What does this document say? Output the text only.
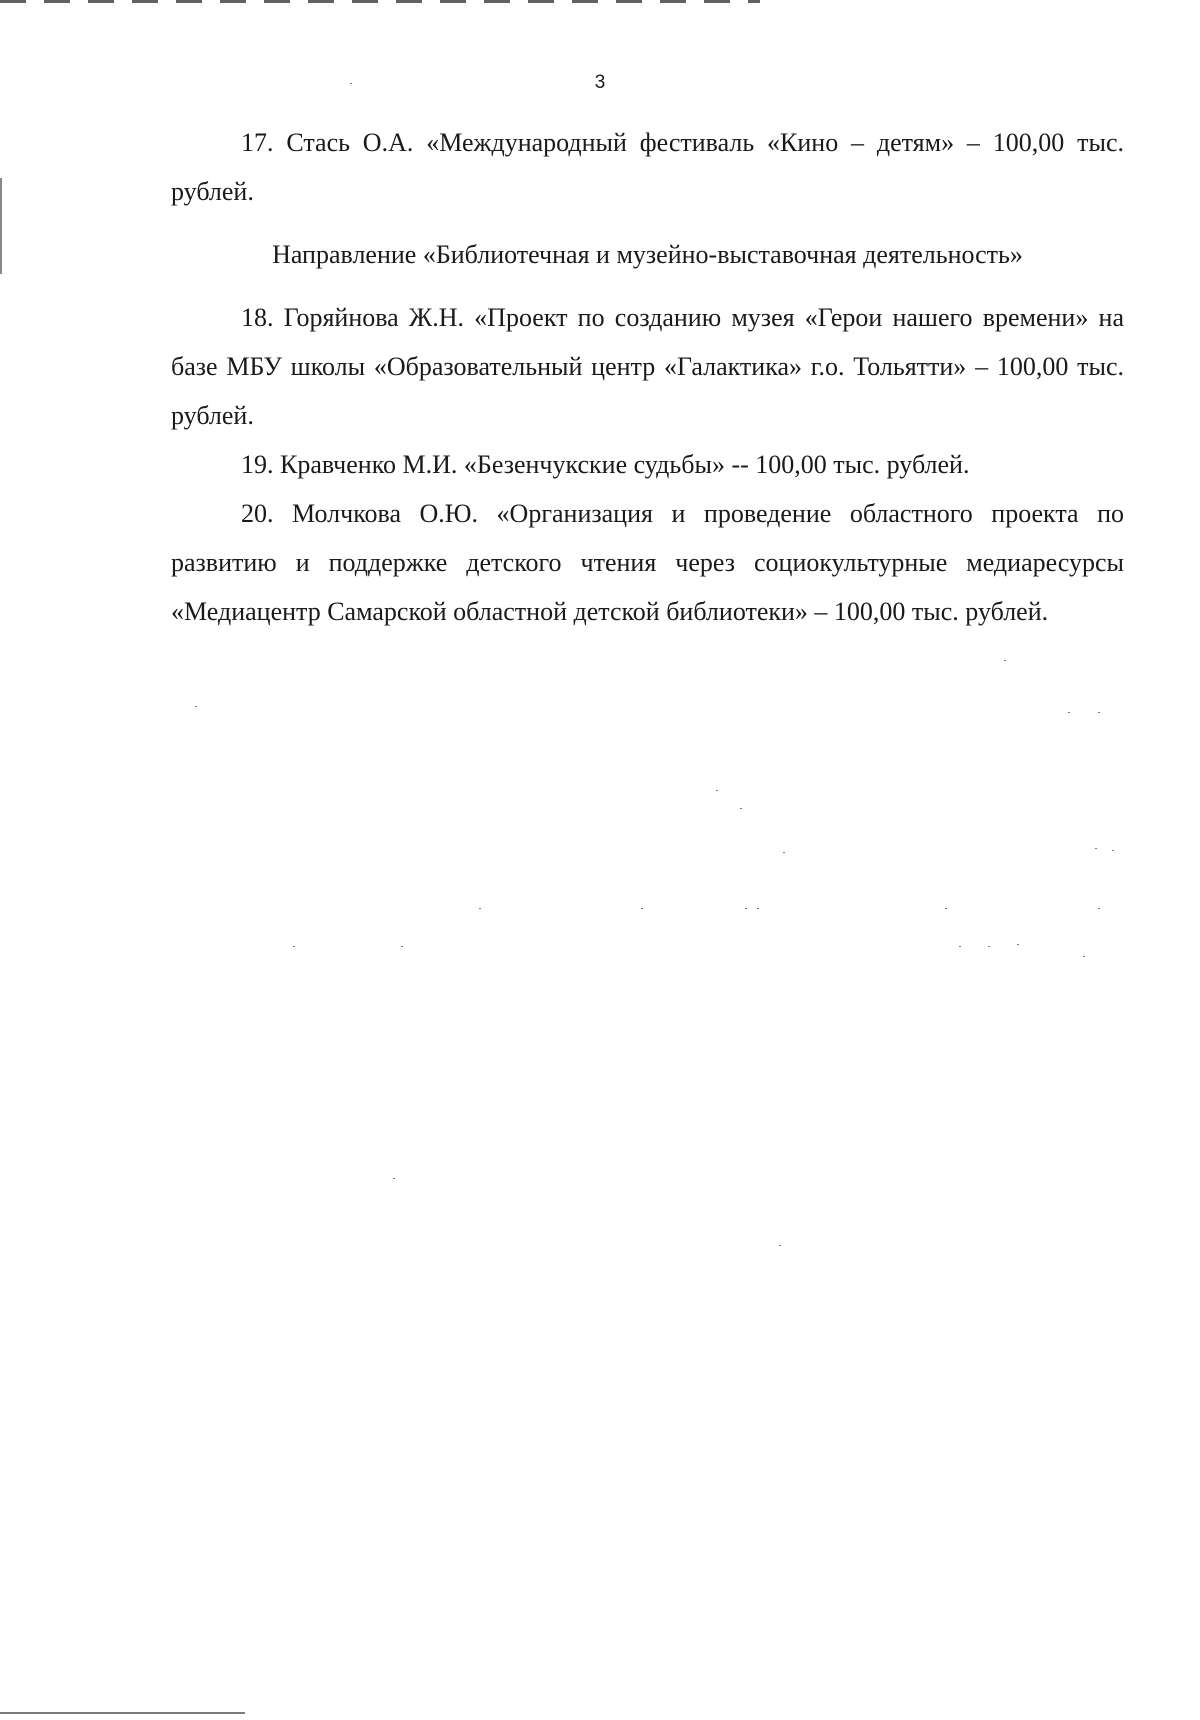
3

17. Стась О.А. «Международный фестиваль «Кино – детям» – 100,00 тыс. рублей.

Направление «Библиотечная и музейно-выставочная деятельность»

18. Горяйнова Ж.Н. «Проект по созданию музея «Герои нашего времени» на базе МБУ школы «Образовательный центр «Галактика» г.о. Тольятти» – 100,00 тыс. рублей.

19. Кравченко М.И. «Безенчукские судьбы» -- 100,00 тыс. рублей.

20. Молчкова О.Ю. «Организация и проведение областного проекта по развитию и поддержке детского чтения через социокультурные медиаресурсы «Медиацентр Самарской областной детской библиотеки» – 100,00 тыс. рублей.
